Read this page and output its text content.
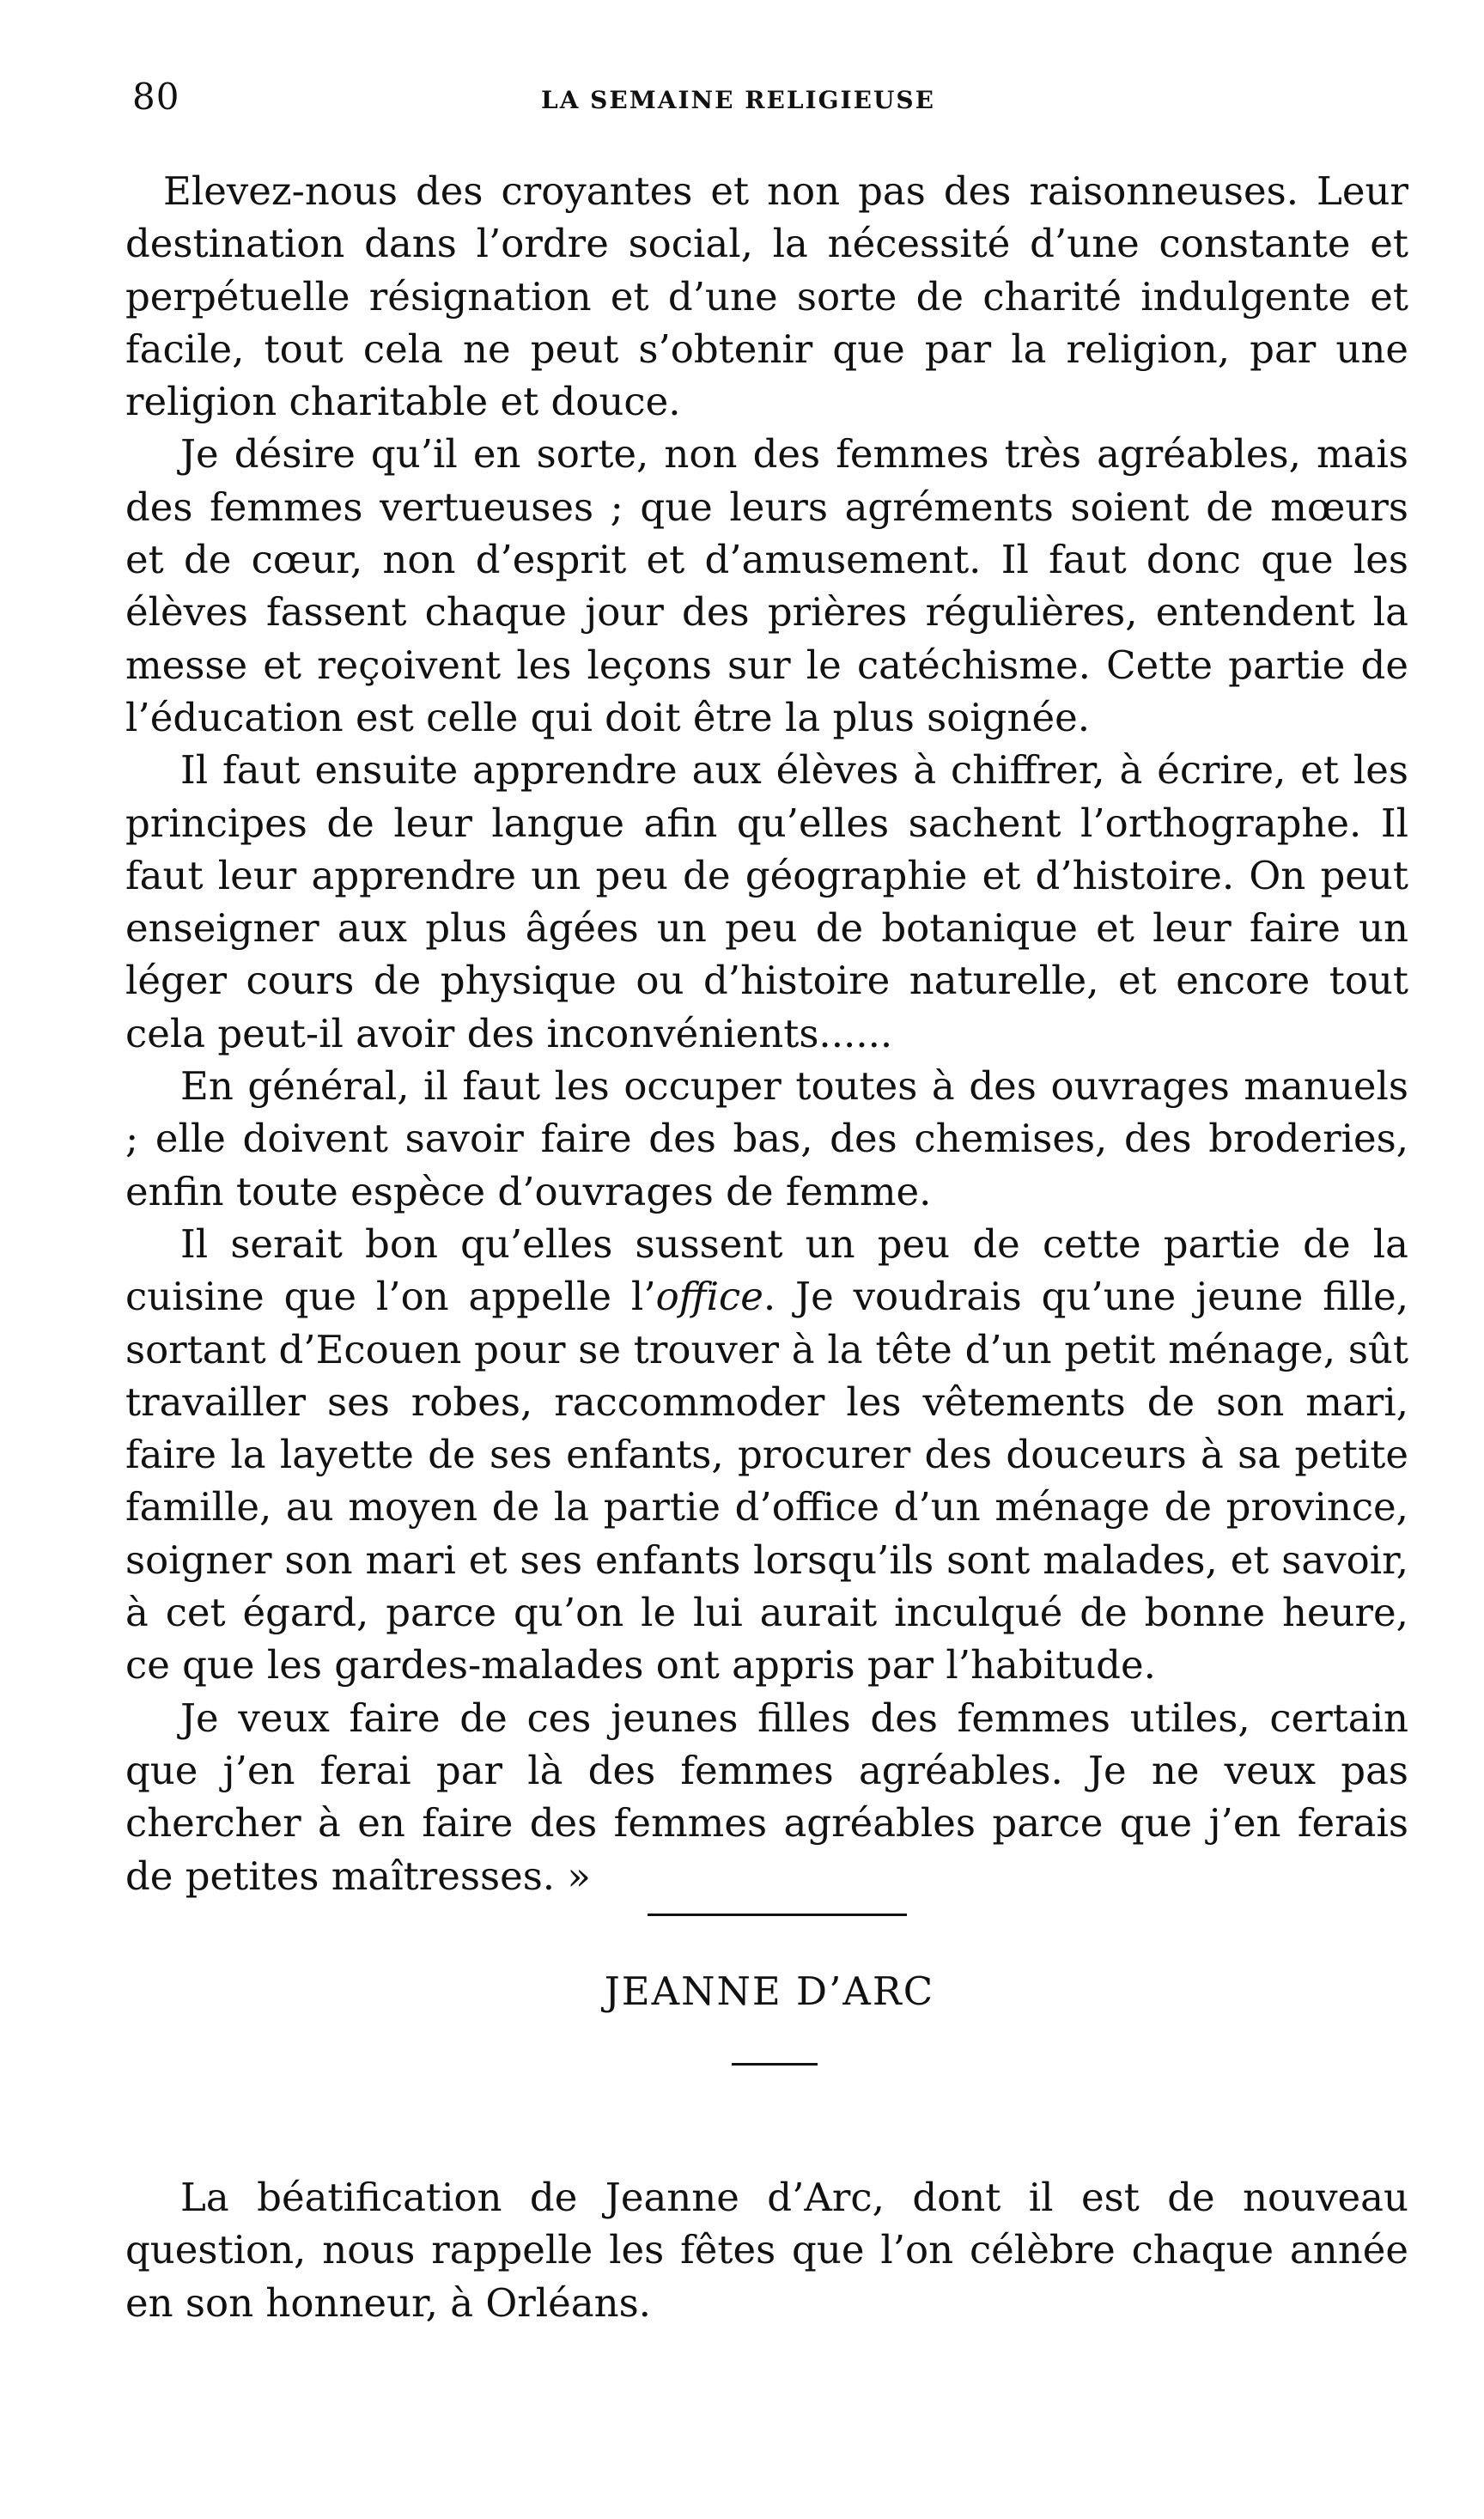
80	LA SEMAINE RELIGIEUSE

Elevez-nous des croyantes et non pas des raisonneuses. Leur destination dans l’ordre social, la nécessité d’une constante et perpétuelle résignation et d’une sorte de charité indulgente et facile, tout cela ne peut s’obtenir que par la religion, par une religion charitable et douce.

Je désire qu’il en sorte, non des femmes très agréables, mais des femmes vertueuses ; que leurs agréments soient de mœurs et de cœur, non d’esprit et d’amusement. Il faut donc que les élèves fassent chaque jour des prières régulières, entendent la messe et reçoivent les leçons sur le catéchisme. Cette partie de l’éducation est celle qui doit être la plus soignée.

Il faut ensuite apprendre aux élèves à chiffrer, à écrire, et les principes de leur langue afin qu’elles sachent l’orthographe. Il faut leur apprendre un peu de géographie et d’histoire. On peut enseigner aux plus âgées un peu de botanique et leur faire un léger cours de physique ou d’histoire naturelle, et encore tout cela peut-il avoir des inconvénients......

En général, il faut les occuper toutes à des ouvrages manuels ; elle doivent savoir faire des bas, des chemises, des broderies, enfin toute espèce d’ouvrages de femme.

Il serait bon qu’elles sussent un peu de cette partie de la cuisine que l’on appelle l’office. Je voudrais qu’une jeune fille, sortant d’Ecouen pour se trouver à la tête d’un petit ménage, sût travailler ses robes, raccommoder les vêtements de son mari, faire la layette de ses enfants, procurer des douceurs à sa petite famille, au moyen de la partie d’office d’un ménage de province, soigner son mari et ses enfants lorsqu’ils sont malades, et savoir, à cet égard, parce qu’on le lui aurait inculqué de bonne heure, ce que les gardes-malades ont appris par l’habitude.

Je veux faire de ces jeunes filles des femmes utiles, certain que j’en ferai par là des femmes agréables. Je ne veux pas chercher à en faire des femmes agréables parce que j’en ferais de petites maîtresses. »

JEANNE D’ARC

La béatification de Jeanne d’Arc, dont il est de nouveau question, nous rappelle les fêtes que l’on célèbre chaque année en son honneur, à Orléans.
